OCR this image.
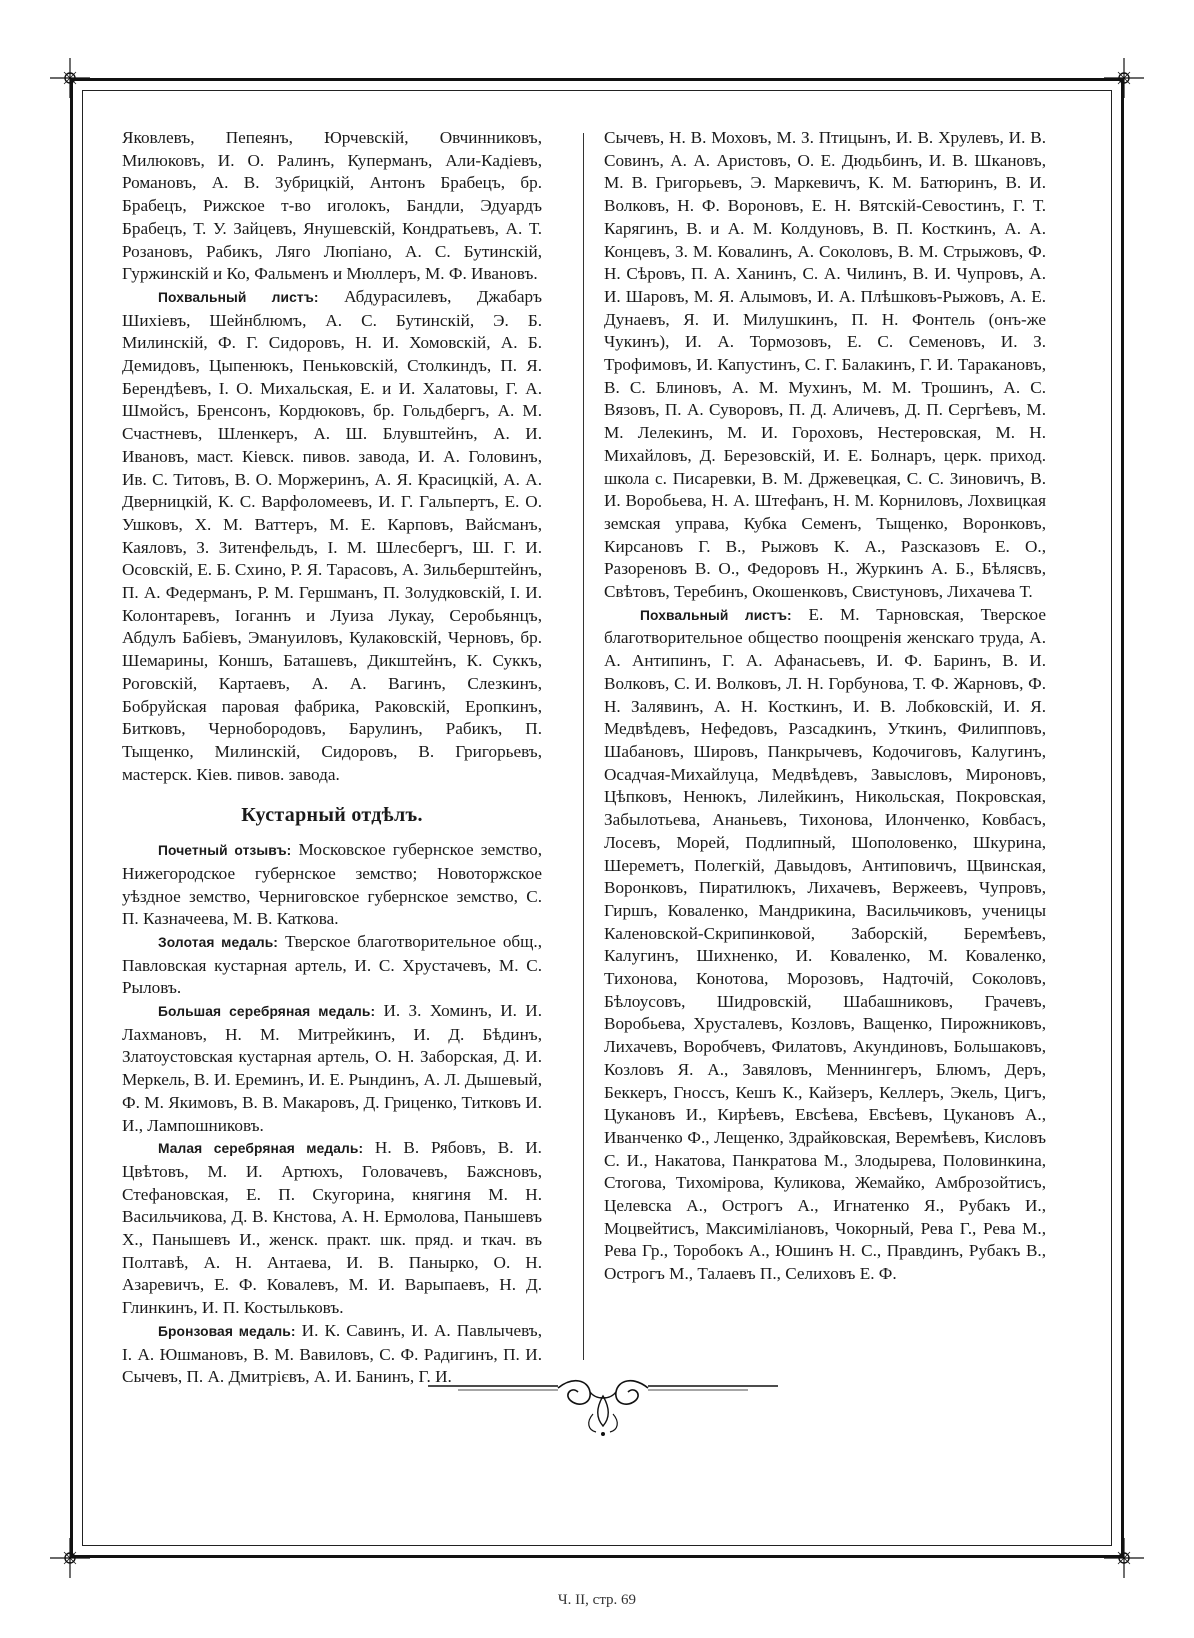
Яковлевъ, Пепеянъ, Юрчевскій, Овчинниковъ, Милюковъ, И. О. Ралинъ, Куперманъ, Али-Кадіевъ, Романовъ, А. В. Зубрицкій, Антонъ Брабецъ, бр. Брабецъ, Рижское т-во иголокъ, Бандли, Эдуардъ Брабецъ, Т. У. Зайцевъ, Янушевскій, Кондратьевъ, А. Т. Розановъ, Рабикъ, Ляго Люпіано, А. С. Бутинскій, Гуржинскій и Ко, Фальменъ и Мюллеръ, М. Ф. Ивановъ.

Похвальный листъ: Абдурасилевъ, Джабаръ Шихіевъ, Шейнблюмъ, А. С. Бутинскій, Э. Б. Милинскій, Ф. Г. Сидоровъ, Н. И. Хомовскій, А. Б. Демидовъ, Цыпенюкъ, Пеньковскій, Столкиндъ, П. Я. Берендѣевъ, І. О. Михальская, Е. и И. Халатовы, Г. А. Шмойсъ, Бренсонъ, Кордюковъ, бр. Гольдбергъ, А. М. Счастневъ, Шленкеръ, А. Ш. Блувштейнъ, А. И. Ивановъ, маст. Кіевск. пивов. завода, И. А. Головинъ, Ив. С. Титовъ, В. О. Моржеринъ, А. Я. Красицкій, А. А. Дверницкій, К. С. Варфоломеевъ, И. Г. Гальпертъ, Е. О. Ушковъ, Х. М. Ваттеръ, М. Е. Карповъ, Вайсманъ, Каяловъ, З. Зитенфельдъ, І. М. Шлесбергъ, Ш. Г. И. Осовскій, Е. Б. Схино, Р. Я. Тарасовъ, А. Зильберштейнъ, П. А. Федерманъ, Р. М. Гершманъ, П. Золудковскій, І. И. Колонтаревъ, Іоганнъ и Луиза Лукау, Серобьянцъ, Абдулъ Бабіевъ, Эмануиловъ, Кулаковскій, Черновъ, бр. Шемарины, Коншъ, Баташевъ, Дикштейнъ, К. Суккъ, Роговскій, Картаевъ, А. А. Вагинъ, Слезкинъ, Бобруйская паровая фабрика, Раковскій, Еропкинъ, Битковъ, Чернобородовъ, Барулинъ, Рабикъ, П. Тыщенко, Милинскій, Сидоровъ, В. Григорьевъ, мастерск. Кіев. пивов. завода.

Кустарный отдѣлъ.

Почетный отзывъ: Московское губернское земство, Нижегородское губернское земство; Новоторжское уѣздное земство, Черниговское губернское земство, С. П. Казначеева, М. В. Каткова.

Золотая медаль: Тверское благотворительное общ., Павловская кустарная артель, И. С. Хрустачевъ, М. С. Рыловъ.

Большая серебряная медаль: И. З. Хоминъ, И. И. Лахмановъ, Н. М. Митрейкинъ, И. Д. Бѣдинъ, Златоустовская кустарная артель, О. Н. Заборская, Д. И. Меркель, В. И. Ереминъ, И. Е. Рындинъ, А. Л. Дышевый, Ф. М. Якимовъ, В. В. Макаровъ, Д. Гриценко, Титковъ И. И., Лампошниковъ.

Малая серебряная медаль: Н. В. Рябовъ, В. И. Цвѣтовъ, М. И. Артюхъ, Головачевъ, Бажсновъ, Стефановская, Е. П. Скугорина, княгиня М. Н. Васильчикова, Д. В. Кнстова, А. Н. Ермолова, Панышевъ Х., Панышевъ И., женск. практ. шк. пряд. и ткач. въ Полтавѣ, А. Н. Антаева, И. В. Панырко, О. Н. Азаревичъ, Е. Ф. Ковалевъ, М. И. Варыпаевъ, Н. Д. Глинкинъ, И. П. Костыльковъ.

Бронзовая медаль: И. К. Савинъ, И. А. Павлычевъ, І. А. Юшмановъ, В. М. Вавиловъ, С. Ф. Радигинъ, П. И. Сычевъ, П. А. Дмитрієвъ, А. И. Банинъ, Г. И.

Сычевъ, Н. В. Моховъ, М. З. Птицынъ, И. В. Хрулевъ, И. В. Совинъ, А. А. Аристовъ, О. Е. Дюдьбинъ, И. В. Шкановъ, М. В. Григорьевъ, Э. Маркевичъ, К. М. Батюринъ, В. И. Волковъ, Н. Ф. Вороновъ, Е. Н. Вятскій-Севостинъ, Г. Т. Карягинъ, В. и А. М. Колдуновъ, В. П. Косткинъ, А. А. Концевъ, З. М. Ковалинъ, А. Соколовъ, В. М. Стрыжовъ, Ф. Н. Сѣровъ, П. А. Ханинъ, С. А. Чилинъ, В. И. Чупровъ, А. И. Шаровъ, М. Я. Алымовъ, И. А. Плѣшковъ-Рыжовъ, А. Е. Дунаевъ, Я. И. Милушкинъ, П. Н. Фонтель (онъ-же Чукинъ), И. А. Тормозовъ, Е. С. Семеновъ, И. З. Трофимовъ, И. Капустинъ, С. Г. Балакинъ, Г. И. Таракановъ, В. С. Блиновъ, А. М. Мухинъ, М. М. Трошинъ, А. С. Вязовъ, П. А. Суворовъ, П. Д. Аличевъ, Д. П. Сергѣевъ, М. М. Лелекинъ, М. И. Гороховъ, Нестеровская, М. Н. Михайловъ, Д. Березовскій, И. Е. Болнаръ, церк. приход. школа с. Писаревки, В. М. Држевецкая, С. С. Зиновичъ, В. И. Воробьева, Н. А. Штефанъ, Н. М. Корниловъ, Лохвицкая земская управа, Кубка Семенъ, Тыщенко, Воронковъ, Кирсановъ Г. В., Рыжовъ К. А., Разсказовъ Е. О., Разореновъ В. О., Федоровъ Н., Журкинъ А. Б., Бѣлясвъ, Свѣтовъ, Теребинъ, Окошенковъ, Свистуновъ, Лихачева Т.

Похвальный листъ: Е. М. Тарновская, Тверское благотворительное общество поощренія женскаго труда, А. А. Антипинъ, Г. А. Афанасьевъ, И. Ф. Баринъ, В. И. Волковъ, С. И. Волковъ, Л. Н. Горбунова, Т. Ф. Жарновъ, Ф. Н. Залявинъ, А. Н. Косткинъ, И. В. Лобковскій, И. Я. Медвѣдевъ, Нефедовъ, Разсадкинъ, Уткинъ, Филипповъ, Шабановъ, Шировъ, Панкрычевъ, Кодочиговъ, Калугинъ, Осадчая-Михайлуца, Медвѣдевъ, Завысловъ, Мироновъ, Цѣпковъ, Ненюкъ, Лилейкинъ, Никольская, Покровская, Забылотьева, Ананьевъ, Тихонова, Илонченко, Ковбасъ, Лосевъ, Морей, Подлипный, Шополовенко, Шкурина, Шереметъ, Полегкій, Давыдовъ, Антиповичъ, Щвинская, Воронковъ, Пиратилюкъ, Лихачевъ, Вержеевъ, Чупровъ, Гиршъ, Коваленко, Мандрикина, Васильчиковъ, ученицы Каленовской-Скрипинковой, Заборскій, Беремѣевъ, Калугинъ, Шихненко, И. Коваленко, М. Коваленко, Тихонова, Конотова, Морозовъ, Надточій, Соколовъ, Бѣлоусовъ, Шидровскій, Шабашниковъ, Грачевъ, Воробьева, Хрусталевъ, Козловъ, Ващенко, Пирожниковъ, Лихачевъ, Воробчевъ, Филатовъ, Акундиновъ, Большаковъ, Козловъ Я. А., Завяловъ, Меннингеръ, Блюмъ, Деръ, Беккеръ, Гноссъ, Кешъ К., Кайзеръ, Келлеръ, Экель, Цигъ, Цукановъ И., Кирѣевъ, Евсѣева, Евсѣевъ, Цукановъ А., Иванченко Ф., Лещенко, Здрайковская, Веремѣевъ, Кисловъ С. И., Накатова, Панкратова М., Злодырева, Половинкина, Стогова, Тихомірова, Куликова, Жемайко, Амброзойтисъ, Целевска А., Острогъ А., Игнатенко Я., Рубакъ И., Моцвейтисъ, Максиміліановъ, Чокорный, Рева Г., Рева М., Рева Гр., Торобокъ А., Юшинъ Н. С., Правдинъ, Рубакъ В., Острогъ М., Талаевъ П., Селиховъ Е. Ф.

Ч. II, стр. 69
